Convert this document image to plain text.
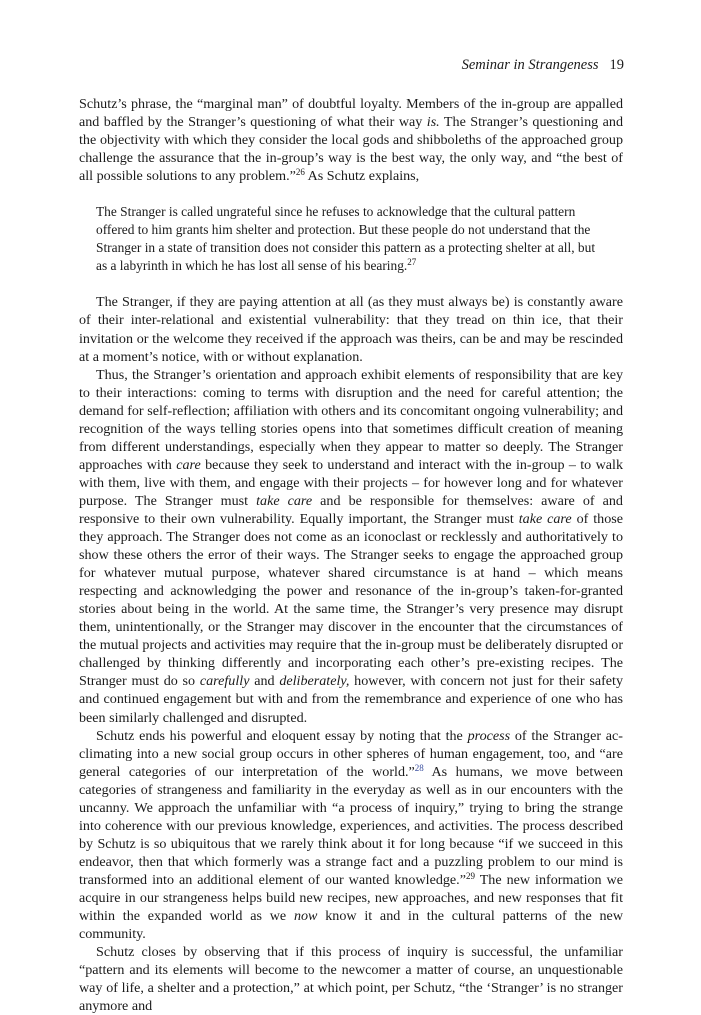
Seminar in Strangeness 19

Schutz’s phrase, the “marginal man” of doubtful loyalty. Members of the in-group are appalled and baffled by the Stranger’s questioning of what their way is. The Stranger’s questioning and the objectivity with which they consider the local gods and shibboleths of the approached group challenge the assurance that the in-group’s way is the best way, the only way, and “the best of all possible solutions to any problem.”$^{26}$ As Schutz explains,

The Stranger is called ungrateful since he refuses to acknowledge that the cultural pattern offered to him grants him shelter and protection. But these people do not understand that the Stranger in a state of transition does not consider this pattern as a protecting shelter at all, but as a labyrinth in which he has lost all sense of his bearing.$^{27}$

The Stranger, if they are paying attention at all (as they must always be) is constantly aware of their inter-relational and existential vulnerability: that they tread on thin ice, that their invitation or the welcome they received if the approach was theirs, can be and may be rescinded at a moment’s notice, with or without explanation.

Thus, the Stranger’s orientation and approach exhibit elements of responsibility that are key to their interactions: coming to terms with disruption and the need for careful attention; the demand for self-reflection; affiliation with others and its concomitant ongoing vulnerability; and recognition of the ways telling stories opens into that sometimes difficult creation of meaning from different understandings, especially when they appear to matter so deeply. The Stranger approaches with care because they seek to understand and interact with the in-group – to walk with them, live with them, and engage with their projects – for however long and for whatever purpose. The Stranger must take care and be responsible for themselves: aware of and responsive to their own vulnerability. Equally important, the Stranger must take care of those they approach. The Stranger does not come as an iconoclast or recklessly and authoritatively to show these others the error of their ways. The Stranger seeks to engage the approached group for whatever mutual purpose, whatever shared circumstance is at hand – which means respecting and acknowledging the power and resonance of the in-group’s taken-for-granted stories about being in the world. At the same time, the Stranger’s very presence may disrupt them, unintentionally, or the Stranger may discover in the encounter that the circumstances of the mutual projects and activities may require that the in-group must be deliberately disrupted or challenged by thinking differently and incorporating each other’s pre-existing recipes. The Stranger must do so carefully and deliberately, however, with concern not just for their safety and continued engagement but with and from the remembrance and experience of one who has been similarly challenged and disrupted.

Schutz ends his powerful and eloquent essay by noting that the process of the Stranger acclimating into a new social group occurs in other spheres of human engagement, too, and “are general categories of our interpretation of the world.”$^{28}$ As humans, we move between categories of strangeness and familiarity in the everyday as well as in our encounters with the uncanny. We approach the unfamiliar with “a process of inquiry,” trying to bring the strange into coherence with our previous knowledge, experiences, and activities. The process described by Schutz is so ubiquitous that we rarely think about it for long because “if we succeed in this endeavor, then that which formerly was a strange fact and a puzzling problem to our mind is transformed into an additional element of our wanted knowledge.”$^{29}$ The new information we acquire in our strangeness helps build new recipes, new approaches, and new responses that fit within the expanded world as we now know it and in the cultural patterns of the new community.

Schutz closes by observing that if this process of inquiry is successful, the unfamiliar “pattern and its elements will become to the newcomer a matter of course, an unquestionable way of life, a shelter and a protection,” at which point, per Schutz, “the ‘Stranger’ is no stranger anymore and
